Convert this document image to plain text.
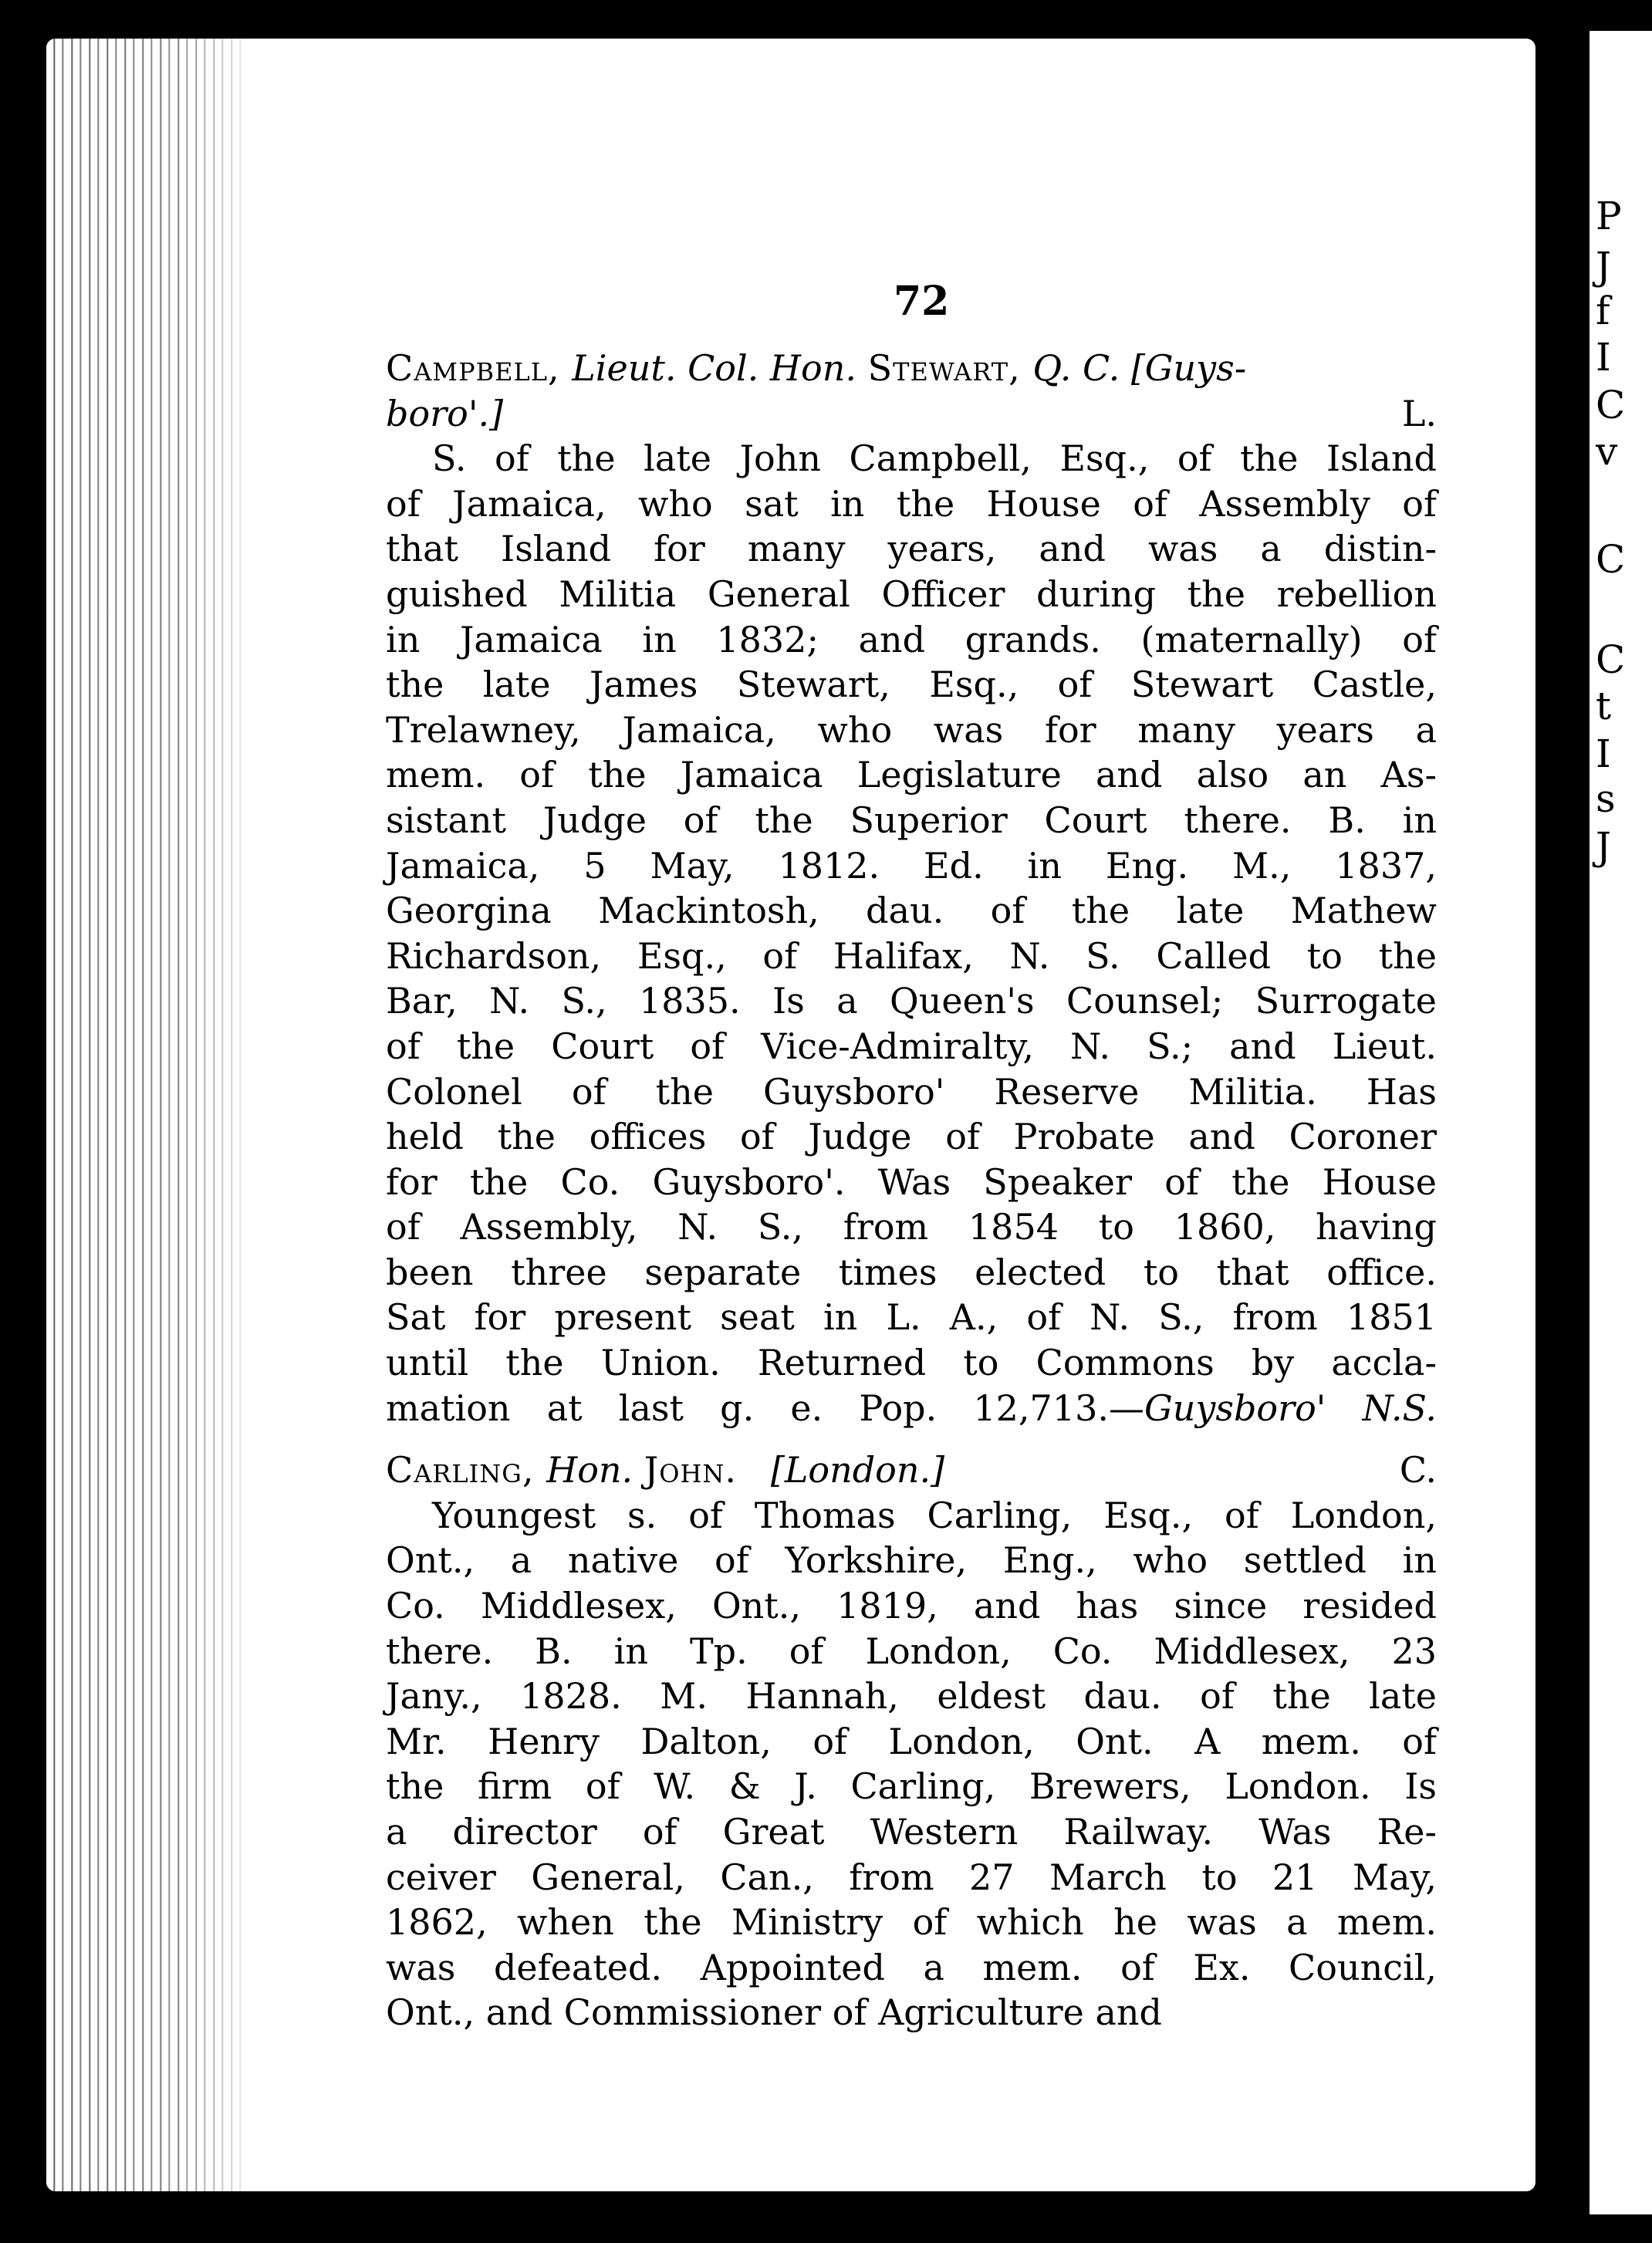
72
P
J
f
I
C
v
C
C
t
I
s
J
Campbell, Lieut. Col. Hon. Stewart, Q. C. [Guys-
boro'.]	L.
S. of the late John Campbell, Esq., of the Island
of Jamaica, who sat in the House of Assembly of
that Island for many years, and was a distin-
guished Militia General Officer during the rebellion
in Jamaica in 1832; and grands. (maternally) of
the late James Stewart, Esq., of Stewart Castle,
Trelawney, Jamaica, who was for many years a
mem. of the Jamaica Legislature and also an As-
sistant Judge of the Superior Court there. B. in
Jamaica, 5 May, 1812. Ed. in Eng. M., 1837,
Georgina Mackintosh, dau. of the late Mathew
Richardson, Esq., of Halifax, N. S. Called to the
Bar, N. S., 1835. Is a Queen's Counsel; Surrogate
of the Court of Vice-Admiralty, N. S.; and Lieut.
Colonel of the Guysboro' Reserve Militia. Has
held the offices of Judge of Probate and Coroner
for the Co. Guysboro'. Was Speaker of the House
of Assembly, N. S., from 1854 to 1860, having
been three separate times elected to that office.
Sat for present seat in L. A., of N. S., from 1851
until the Union. Returned to Commons by accla-
mation at last g. e. Pop. 12,713.—Guysboro' N.S.
Carling, Hon. John. [London.]	C.
Youngest s. of Thomas Carling, Esq., of London,
Ont., a native of Yorkshire, Eng., who settled in
Co. Middlesex, Ont., 1819, and has since resided
there. B. in Tp. of London, Co. Middlesex, 23
Jany., 1828. M. Hannah, eldest dau. of the late
Mr. Henry Dalton, of London, Ont. A mem. of
the firm of W. & J. Carling, Brewers, London. Is
a director of Great Western Railway. Was Re-
ceiver General, Can., from 27 March to 21 May,
1862, when the Ministry of which he was a mem.
was defeated. Appointed a mem. of Ex. Council,
Ont., and Commissioner of Agriculture and
